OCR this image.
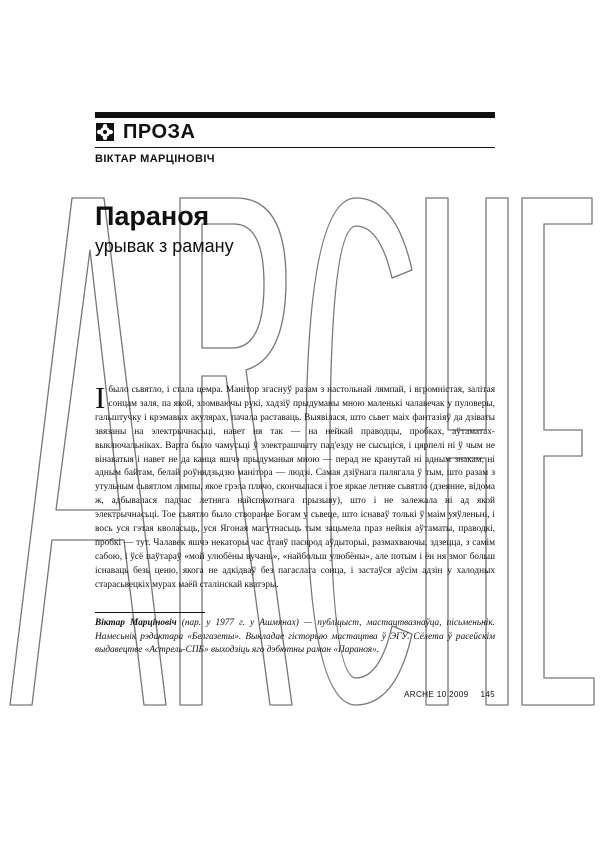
ПРОЗА
ВІКТАР МАРЦІНОВІЧ
Параноя
урывак з раману

Ібыло сьвятло, і стала цемра. Манітор згаснуў разам з настольнай лямпай, і вгромністая, залітая сонцам заля, па якой, зломваючы рукі, хадзіў прыдуманы мною маленькі чалавечак у пуловеры, гальштучку і крэмавых акулярах, пачала раставаць. Выявілася, што сьвет маіх фантазіяў да дзіваты звязаны на электрычнасьці, навет ня так — на нейкай праводцы, пробках, аўтаматах-выключальніках. Варта было чамусьці ў электрашчыту пад'езду не сысьціся, і цярпелі ні ў чым не вінаватыя і навет не да канца яшчэ прыдуманыя мною — перад не кранутай ні адным знакам, ні адным байтам, белай роўнядзьдзю манітора — людзі. Самая дзіўнага палягала ў тым, што разам з утульным сьвятлом лямпы, якое грэла плячо, скончылася і тое яркае летняе сьвятло (дзеянне, відома ж, адбывалася падчас летняга найспякотнага прызыву), што і не залежала ні ад якой электрычнасьці. Тое сьвятло было створанае Богам у сьвеце, што існаваў толькі ў маім уяўленьні, і вось уся гэтая кволасьць, уся Ягоная магутнасьць тым зацьмела праз нейкія аўтаматы, праводкі, пробкі — тут. Чалавек яшчэ некаторы час стаяў пасярод аўдыторыі, размахваючы, здзецца, з самім сабою, і ўсё паўтараў «мой улюбёны вучань», «найбольш улюбёны», але потым і ён ня змог больш існаваць безь ценю, якога не адкідваў без пагаслага сонца, і застаўся аўсім адзін у халодных старасьвецкіх мурах маёй сталінскай кватэры.

Віктар Марціновіч (нар. у 1977 г. у Ашмянах) — публіцыст, мастацтвазнаўца, пісьменьнік. Намесьнік рэдактара «Белгазеты». Выкладае гісторыю мастацтва ў ЭГУ. Сёлета ў расейскім выдавецтве «Астрель-СПБ» выходзіць яго дэбютны раман «Параноя».

ARCHE 10 2009 145
